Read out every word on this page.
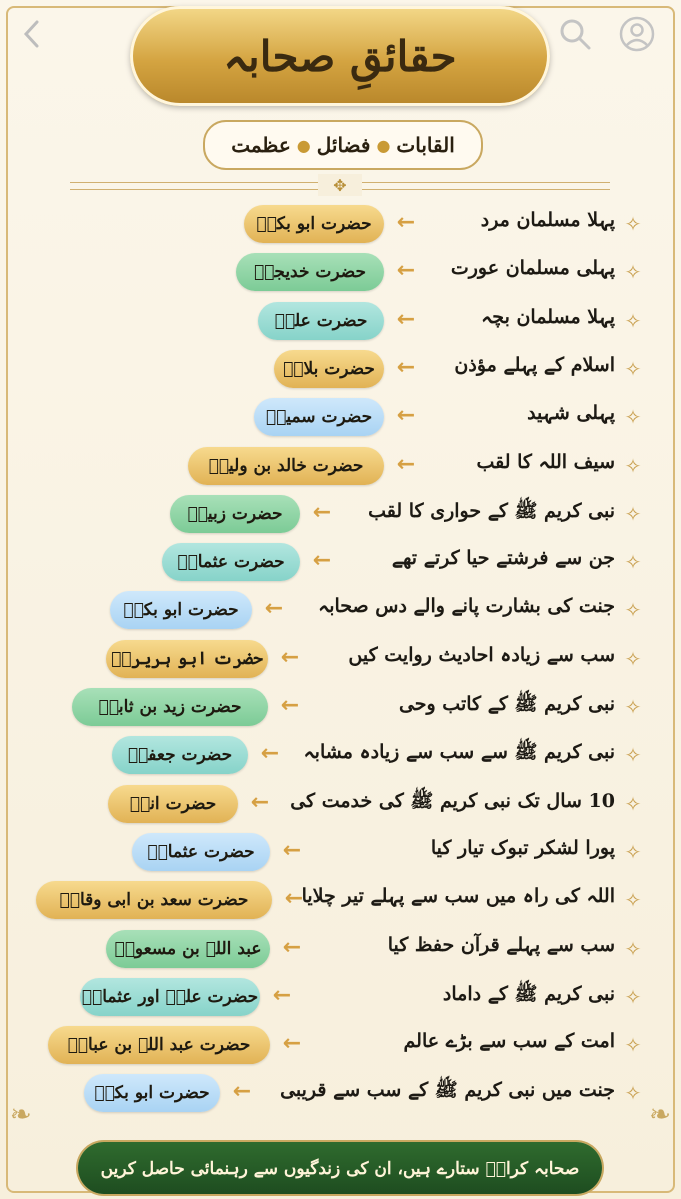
❧	❧
حقائقِ صحابہ
القابات
●
فضائل
●
عظمت
✥
✧
پہلا مسلمان مرد
←
حضرت ابو بکرؓ
✧
پہلی مسلمان عورت
←
حضرت خدیجہؓ
✧
پہلا مسلمان بچہ
←
حضرت علیؓ
✧
اسلام کے پہلے مؤذن
←
حضرت بلالؓ
✧
پہلی شہید
←
حضرت سمیہؓ
✧
سیف اللہ کا لقب
←
حضرت خالد بن ولیدؓ
✧
نبی کریم ﷺ کے حواری کا لقب
←
حضرت زبیرؓ
✧
جن سے فرشتے حیا کرتے تھے
←
حضرت عثمانؓ
✧
جنت کی بشارت پانے والے دس صحابہ
←
حضرت ابو بکرؓ
✧
سب سے زیادہ احادیث روایت کیں
←
حضرت ابو ہریرہؓ
✧
نبی کریم ﷺ کے کاتب وحی
←
حضرت زید بن ثابتؓ
✧
نبی کریم ﷺ سے سب سے زیادہ مشابہ
←
حضرت جعفرؓ
✧
10 سال تک نبی کریم ﷺ کی خدمت کی
←
حضرت انسؓ
✧
پورا لشکر تبوک تیار کیا
←
حضرت عثمانؓ
✧
اللہ کی راہ میں سب سے پہلے تیر چلایا
←
حضرت سعد بن ابی وقاصؓ
✧
سب سے پہلے قرآن حفظ کیا
←
عبد اللہ بن مسعودؓ
✧
نبی کریم ﷺ کے داماد
←
حضرت علیؓ اور عثمانؓ
✧
امت کے سب سے بڑے عالم
←
حضرت عبد اللہ بن عباسؓ
✧
جنت میں نبی کریم ﷺ کے سب سے قریبی
←
حضرت ابو بکرؓ
صحابہ کرامؓ ستارے ہیں، ان کی زندگیوں سے رہنمائی حاصل کریں
